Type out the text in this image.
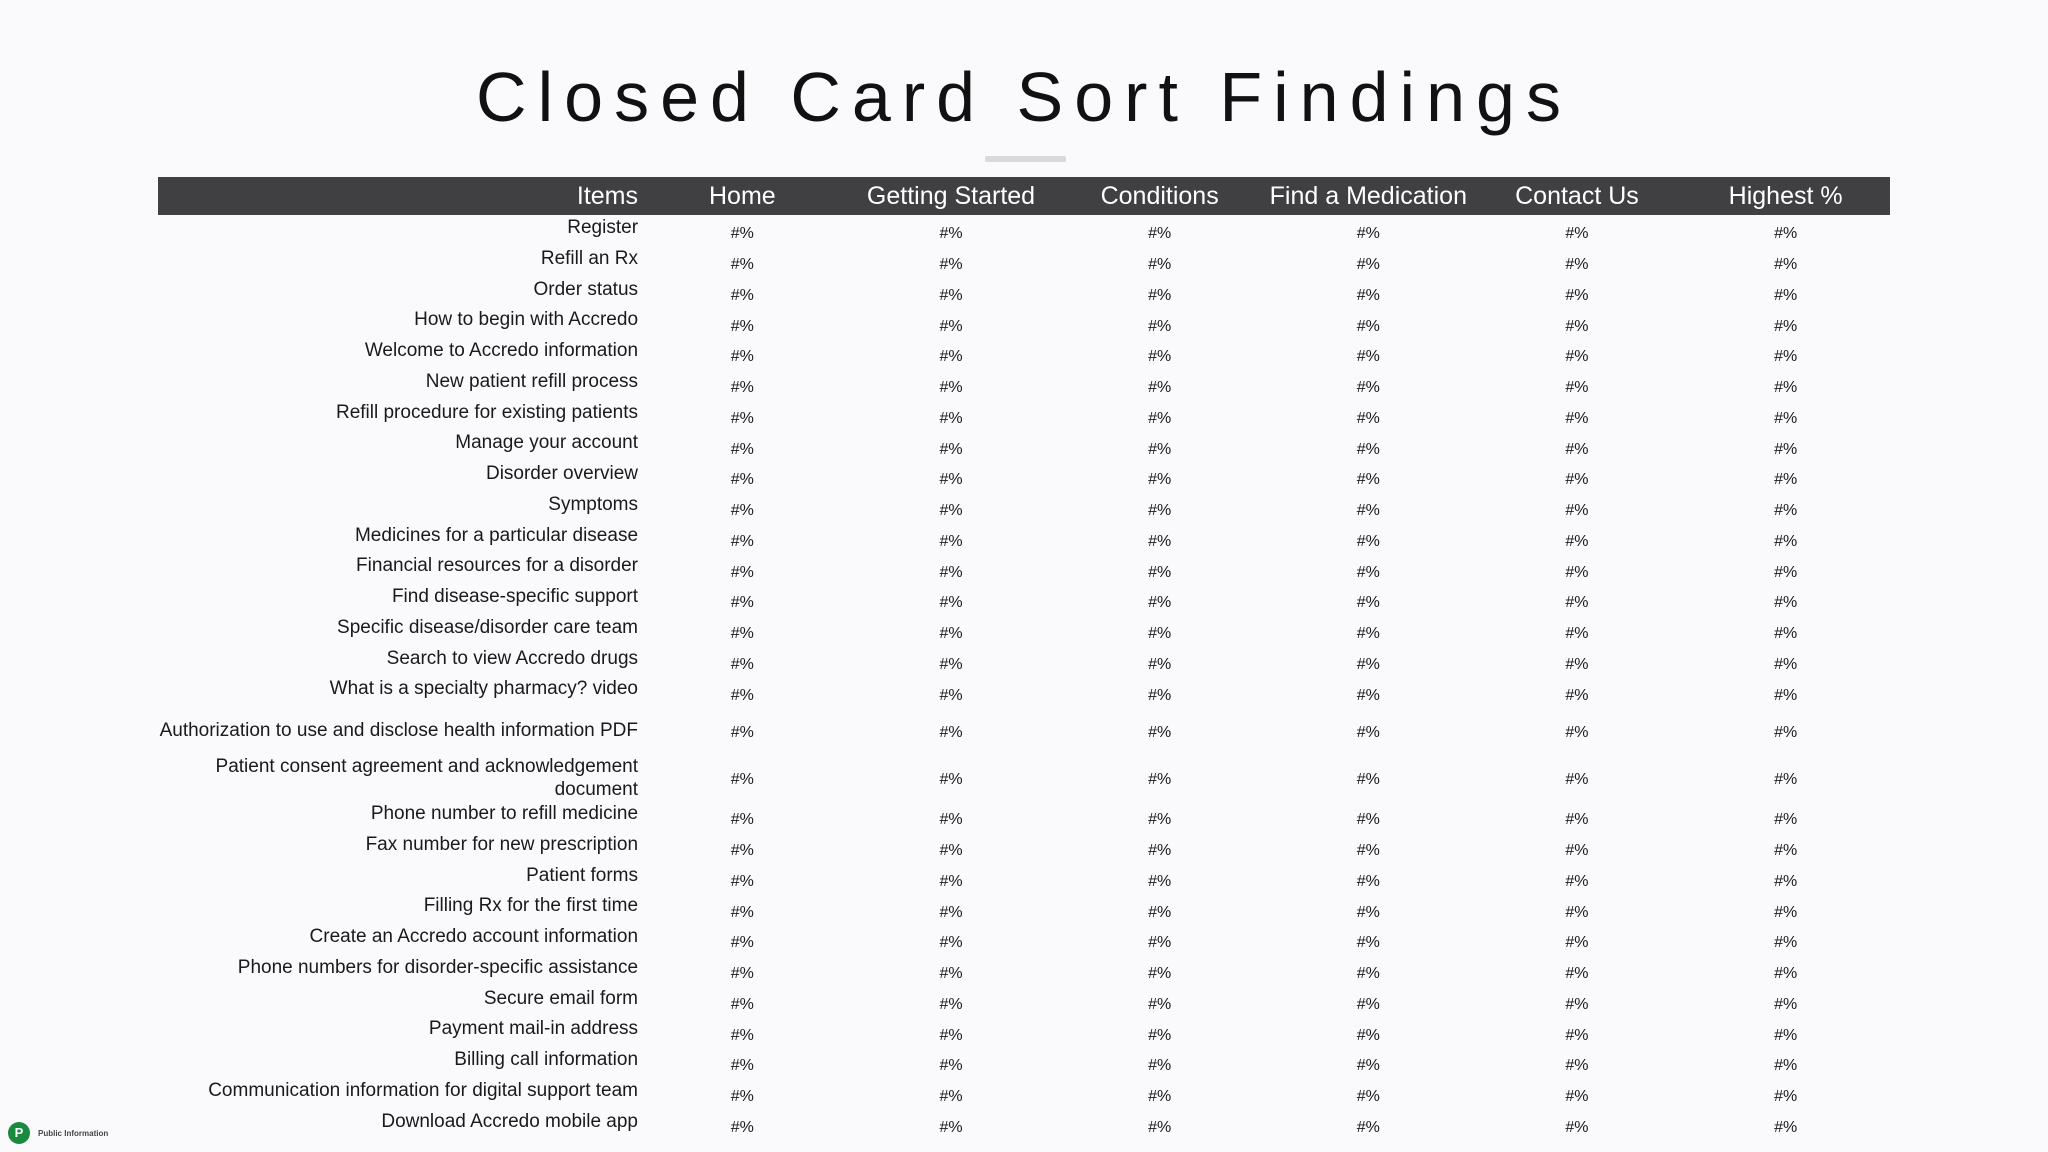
Closed Card Sort Findings
Items	Home	Getting Started	Conditions	Find a Medication	Contact Us	Highest %
Register	#%	#%	#%	#%	#%	#%
Refill an Rx	#%	#%	#%	#%	#%	#%
Order status	#%	#%	#%	#%	#%	#%
How to begin with Accredo	#%	#%	#%	#%	#%	#%
Welcome to Accredo information	#%	#%	#%	#%	#%	#%
New patient refill process	#%	#%	#%	#%	#%	#%
Refill procedure for existing patients	#%	#%	#%	#%	#%	#%
Manage your account	#%	#%	#%	#%	#%	#%
Disorder overview	#%	#%	#%	#%	#%	#%
Symptoms	#%	#%	#%	#%	#%	#%
Medicines for a particular disease	#%	#%	#%	#%	#%	#%
Financial resources for a disorder	#%	#%	#%	#%	#%	#%
Find disease-specific support	#%	#%	#%	#%	#%	#%
Specific disease/disorder care team	#%	#%	#%	#%	#%	#%
Search to view Accredo drugs	#%	#%	#%	#%	#%	#%
What is a specialty pharmacy? video	#%	#%	#%	#%	#%	#%
Authorization to use and disclose health information PDF	#%	#%	#%	#%	#%	#%
Patient consent agreement and acknowledgement document	#%	#%	#%	#%	#%	#%
Phone number to refill medicine	#%	#%	#%	#%	#%	#%
Fax number for new prescription	#%	#%	#%	#%	#%	#%
Patient forms	#%	#%	#%	#%	#%	#%
Filling Rx for the first time	#%	#%	#%	#%	#%	#%
Create an Accredo account information	#%	#%	#%	#%	#%	#%
Phone numbers for disorder-specific assistance	#%	#%	#%	#%	#%	#%
Secure email form	#%	#%	#%	#%	#%	#%
Payment mail-in address	#%	#%	#%	#%	#%	#%
Billing call information	#%	#%	#%	#%	#%	#%
Communication information for digital support team	#%	#%	#%	#%	#%	#%
Download Accredo mobile app	#%	#%	#%	#%	#%	#%
P	Public Information
